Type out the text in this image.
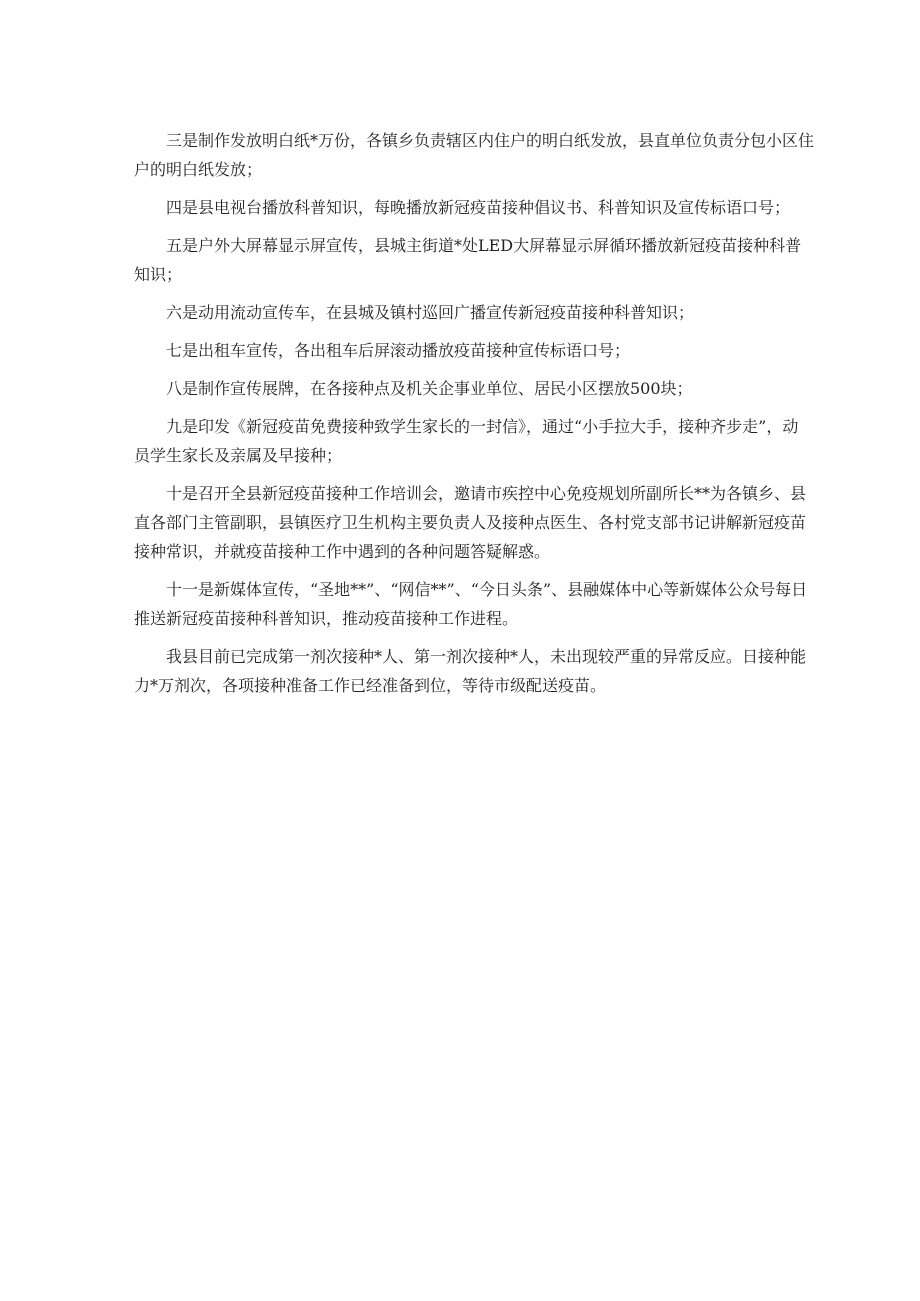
三是制作发放明白纸*万份，各镇乡负责辖区内住户的明白纸发放，县直单位负责分包小区住户的明白纸发放；

四是县电视台播放科普知识，每晚播放新冠疫苗接种倡议书、科普知识及宣传标语口号；

五是户外大屏幕显示屏宣传，县城主街道*处LED大屏幕显示屏循环播放新冠疫苗接种科普知识；

六是动用流动宣传车，在县城及镇村巡回广播宣传新冠疫苗接种科普知识；

七是出租车宣传，各出租车后屏滚动播放疫苗接种宣传标语口号；

八是制作宣传展牌，在各接种点及机关企事业单位、居民小区摆放500块；

九是印发《新冠疫苗免费接种致学生家长的一封信》，通过“小手拉大手，接种齐步走”，动员学生家长及亲属及早接种；

十是召开全县新冠疫苗接种工作培训会，邀请市疾控中心免疫规划所副所长**为各镇乡、县直各部门主管副职，县镇医疗卫生机构主要负责人及接种点医生、各村党支部书记讲解新冠疫苗接种常识，并就疫苗接种工作中遇到的各种问题答疑解惑。

十一是新媒体宣传，“圣地**”、“网信**”、“今日头条”、县融媒体中心等新媒体公众号每日推送新冠疫苗接种科普知识，推动疫苗接种工作进程。

我县目前已完成第一剂次接种*人、第一剂次接种*人，未出现较严重的异常反应。日接种能力*万剂次，各项接种准备工作已经准备到位，等待市级配送疫苗。
